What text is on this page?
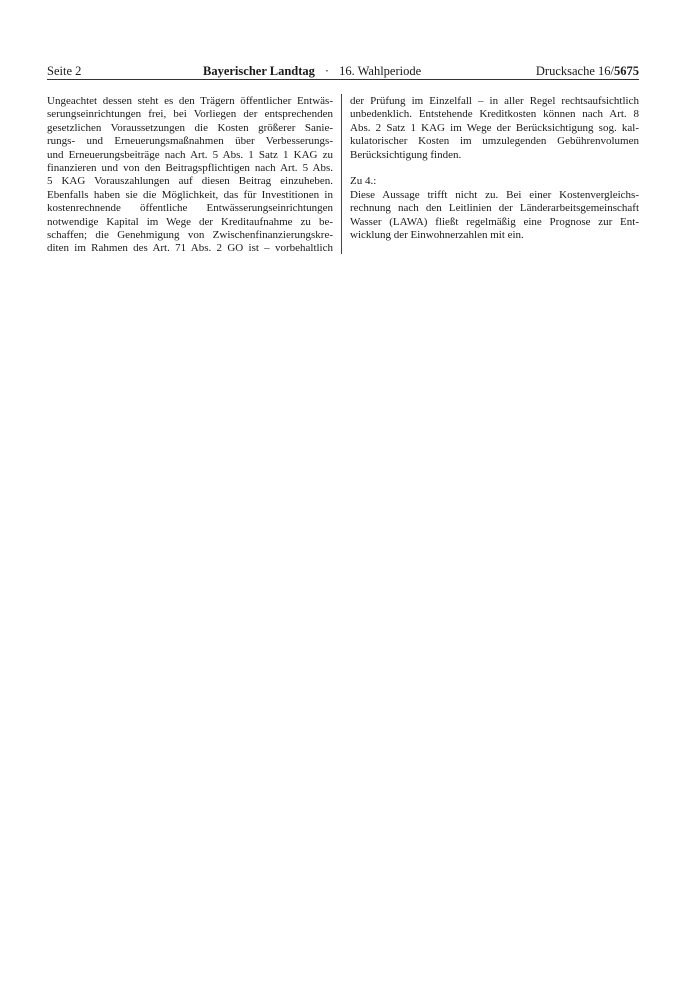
Seite 2	Bayerischer Landtag · 16. Wahlperiode	Drucksache 16/5675
Ungeachtet dessen steht es den Trägern öffentlicher Entwäs-
serungseinrichtungen frei, bei Vorliegen der entsprechenden
gesetzlichen Voraussetzungen die Kosten größerer Sanie-
rungs- und Erneuerungsmaßnahmen über Verbesserungs-
und Erneuerungsbeiträge nach Art. 5 Abs. 1 Satz 1 KAG zu
finanzieren und von den Beitragspflichtigen nach Art. 5 Abs.
5 KAG Vorauszahlungen auf diesen Beitrag einzuheben.
Ebenfalls haben sie die Möglichkeit, das für Investitionen in
kostenrechnende öffentliche Entwässerungseinrichtungen
notwendige Kapital im Wege der Kreditaufnahme zu be-
schaffen; die Genehmigung von Zwischenfinanzierungskre-
diten im Rahmen des Art. 71 Abs. 2 GO ist – vorbehaltlich
der Prüfung im Einzelfall – in aller Regel rechtsaufsichtlich
unbedenklich. Entstehende Kreditkosten können nach Art. 8
Abs. 2 Satz 1 KAG im Wege der Berücksichtigung sog. kal-
kulatorischer Kosten im umzulegenden Gebührenvolumen
Berücksichtigung finden.
Zu 4.:
Diese Aussage trifft nicht zu. Bei einer Kostenvergleichs-
rechnung nach den Leitlinien der Länderarbeitsgemeinschaft
Wasser (LAWA) fließt regelmäßig eine Prognose zur Ent-
wicklung der Einwohnerzahlen mit ein.
